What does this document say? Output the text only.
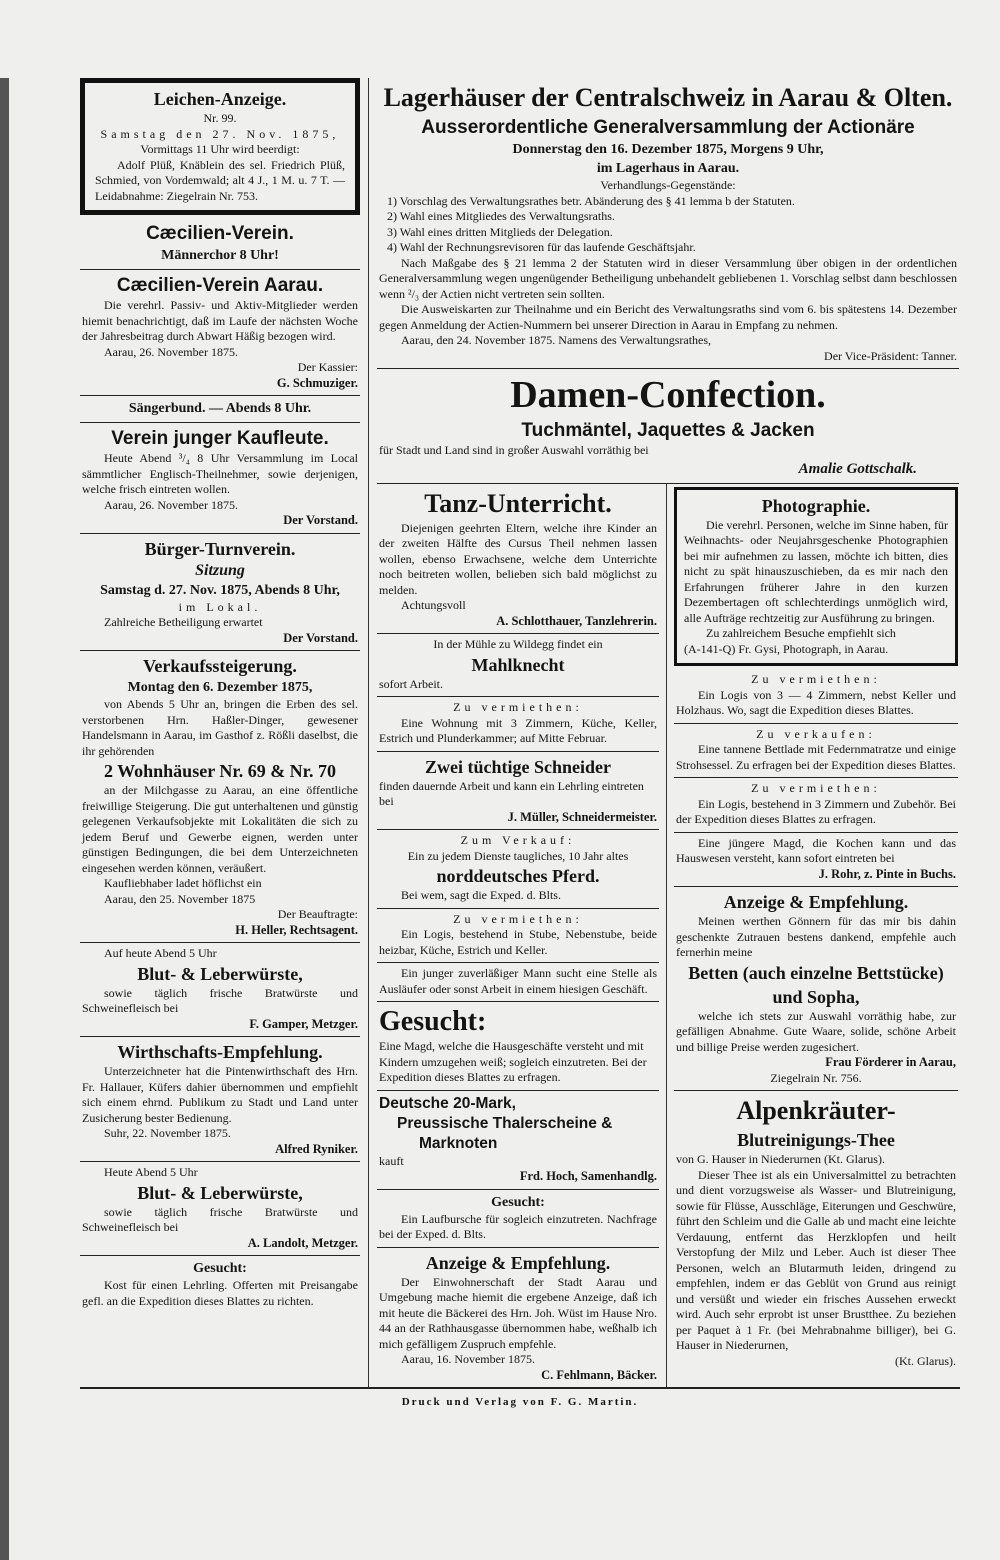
Leichen-Anzeige.
Nr. 99.
Samstag den 27. Nov. 1875,
Vormittags 11 Uhr wird beerdigt:
Adolf Plüß, Knäblein des sel. Friedrich Plüß, Schmied, von Vordemwald; alt 4 J., 1 M. u. 7 T. — Leidabnahme: Ziegelrain Nr. 753.
Cæcilien-Verein.
Männerchor 8 Uhr!
Cæcilien-Verein Aarau.
Die verehrl. Passiv- und Aktiv-Mitglieder werden hiemit benachrichtigt, daß im Laufe der nächsten Woche der Jahresbeitrag durch Abwart Häßig bezogen wird.
Aarau, 26. November 1875.
Der Kassier:
G. Schmuziger.
Sängerbund. — Abends 8 Uhr.
Verein junger Kaufleute.
Heute Abend ³/₄ 8 Uhr Versammlung im Local sämmtlicher Englisch-Theilnehmer, sowie derjenigen, welche frisch eintreten wollen.
Aarau, 26. November 1875.
Der Vorstand.
Bürger-Turnverein.
Sitzung
Samstag d. 27. Nov. 1875, Abends 8 Uhr,
im Lokal.
Zahlreiche Betheiligung erwartet
Der Vorstand.
Verkaufssteigerung.
Montag den 6. Dezember 1875,
von Abends 5 Uhr an, bringen die Erben des sel. verstorbenen Hrn. Haßler-Dinger, gewesener Handelsmann in Aarau, im Gasthof z. Rößli daselbst, die ihr gehörenden
2 Wohnhäuser Nr. 69 & Nr. 70
an der Milchgasse zu Aarau, an eine öffentliche freiwillige Steigerung. Die gut unterhaltenen und günstig gelegenen Verkaufsobjekte mit Lokalitäten die sich zu jedem Beruf und Gewerbe eignen, werden unter günstigen Bedingungen, die bei dem Unterzeichneten eingesehen werden können, veräußert.
Kaufliebhaber ladet höflichst ein
Aarau, den 25. November 1875
Der Beauftragte:
H. Heller, Rechtsagent.
Auf heute Abend 5 Uhr
Blut- & Leberwürste,
sowie täglich frische Bratwürste und Schweinefleisch bei
F. Gamper, Metzger.
Wirthschafts-Empfehlung.
Unterzeichneter hat die Pintenwirthschaft des Hrn. Fr. Hallauer, Küfers dahier übernommen und empfiehlt sich einem ehrnd. Publikum zu Stadt und Land unter Zusicherung bester Bedienung.
Suhr, 22. November 1875.
Alfred Ryniker.
Heute Abend 5 Uhr
Blut- & Leberwürste,
sowie täglich frische Bratwürste und Schweinefleisch bei
A. Landolt, Metzger.
Gesucht:
Kost für einen Lehrling. Offerten mit Preisangabe gefl. an die Expedition dieses Blattes zu richten.
Lagerhäuser der Centralschweiz in Aarau & Olten.
Ausserordentliche Generalversammlung der Actionäre
Donnerstag den 16. Dezember 1875, Morgens 9 Uhr,
im Lagerhaus in Aarau.
Verhandlungs-Gegenstände:
1) Vorschlag des Verwaltungsrathes betr. Abänderung des § 41 lemma b der Statuten.
2) Wahl eines Mitgliedes des Verwaltungsraths.
3) Wahl eines dritten Mitglieds der Delegation.
4) Wahl der Rechnungsrevisoren für das laufende Geschäftsjahr.
Nach Maßgabe des § 21 lemma 2 der Statuten wird in dieser Versammlung über obigen in der ordentlichen Generalversammlung wegen ungenügender Betheiligung unbehandelt gebliebenen 1. Vorschlag selbst dann beschlossen wenn ²/₃ der Actien nicht vertreten sein sollten.
Die Ausweiskarten zur Theilnahme und ein Bericht des Verwaltungsraths sind vom 6. bis spätestens 14. Dezember gegen Anmeldung der Actien-Nummern bei unserer Direction in Aarau in Empfang zu nehmen.
Aarau, den 24. November 1875. Namens des Verwaltungsrathes,
Der Vice-Präsident: Tanner.
Damen-Confection.
Tuchmäntel, Jaquettes & Jacken
für Stadt und Land sind in großer Auswahl vorräthig bei
Amalie Gottschalk.
Tanz-Unterricht.
Diejenigen geehrten Eltern, welche ihre Kinder an der zweiten Hälfte des Cursus Theil nehmen lassen wollen, ebenso Erwachsene, welche dem Unterrichte noch beitreten wollen, belieben sich bald möglichst zu melden.
Achtungsvoll
A. Schlotthauer, Tanzlehrerin.
In der Mühle zu Wildegg findet ein
Mahlknecht
sofort Arbeit.
Zu vermiethen:
Eine Wohnung mit 3 Zimmern, Küche, Keller, Estrich und Plunderkammer; auf Mitte Februar.
Zwei tüchtige Schneider
finden dauernde Arbeit und kann ein Lehrling eintreten bei
J. Müller, Schneidermeister.
Zum Verkauf:
Ein zu jedem Dienste taugliches, 10 Jahr altes
norddeutsches Pferd.
Bei wem, sagt die Exped. d. Blts.
Zu vermiethen:
Ein Logis, bestehend in Stube, Nebenstube, beide heizbar, Küche, Estrich und Keller.
Ein junger zuverläßiger Mann sucht eine Stelle als Ausläufer oder sonst Arbeit in einem hiesigen Geschäft.
Gesucht:
Eine Magd, welche die Hausgeschäfte versteht und mit Kindern umzugehen weiß; sogleich einzutreten. Bei der Expedition dieses Blattes zu erfragen.
Deutsche 20-Mark,
Preussische Thalerscheine &
Marknoten
kauft
Frd. Hoch, Samenhandlg.
Gesucht:
Ein Laufbursche für sogleich einzutreten. Nachfrage bei der Exped. d. Blts.
Anzeige & Empfehlung.
Der Einwohnerschaft der Stadt Aarau und Umgebung mache hiemit die ergebene Anzeige, daß ich mit heute die Bäckerei des Hrn. Joh. Wüst im Hause Nro. 44 an der Rathhausgasse übernommen habe, weßhalb ich mich gefälligem Zuspruch empfehle.
Aarau, 16. November 1875.
C. Fehlmann, Bäcker.
Photographie.
Die verehrl. Personen, welche im Sinne haben, für Weihnachts- oder Neujahrsgeschenke Photographien bei mir aufnehmen zu lassen, möchte ich bitten, dies nicht zu spät hinauszuschieben, da es mir nach den Erfahrungen früherer Jahre in den kurzen Dezembertagen oft schlechterdings unmöglich wird, alle Aufträge rechtzeitig zur Ausführung zu bringen.
Zu zahlreichem Besuche empfiehlt sich
(A-141-Q) Fr. Gysi, Photograph, in Aarau.
Zu vermiethen:
Ein Logis von 3 — 4 Zimmern, nebst Keller und Holzhaus. Wo, sagt die Expedition dieses Blattes.
Zu verkaufen:
Eine tannene Bettlade mit Federnmatratze und einige Strohsessel. Zu erfragen bei der Expedition dieses Blattes.
Zu vermiethen:
Ein Logis, bestehend in 3 Zimmern und Zubehör. Bei der Expedition dieses Blattes zu erfragen.
Eine jüngere Magd, die Kochen kann und das Hauswesen versteht, kann sofort eintreten bei
J. Rohr, z. Pinte in Buchs.
Anzeige & Empfehlung.
Meinen werthen Gönnern für das mir bis dahin geschenkte Zutrauen bestens dankend, empfehle auch fernerhin meine
Betten (auch einzelne Bettstücke)
und Sopha,
welche ich stets zur Auswahl vorräthig habe, zur gefälligen Abnahme. Gute Waare, solide, schöne Arbeit und billige Preise werden zugesichert.
Frau Förderer in Aarau,
Ziegelrain Nr. 756.
Alpenkräuter-
Blutreinigungs-Thee
von G. Hauser in Niederurnen (Kt. Glarus).
Dieser Thee ist als ein Universalmittel zu betrachten und dient vorzugsweise als Wasser- und Blutreinigung, sowie für Flüsse, Ausschläge, Eiterungen und Geschwüre, führt den Schleim und die Galle ab und macht eine leichte Verdauung, entfernt das Herzklopfen und heilt Verstopfung der Milz und Leber. Auch ist dieser Thee Personen, welch an Blutarmuth leiden, dringend zu empfehlen, indem er das Geblüt von Grund aus reinigt und versüßt und wieder ein frisches Aussehen erweckt wird. Auch sehr erprobt ist unser Brustthee. Zu beziehen per Paquet à 1 Fr. (bei Mehrabnahme billiger), bei G. Hauser in Niederurnen,
(Kt. Glarus).
Druck und Verlag von F. G. Martin.
